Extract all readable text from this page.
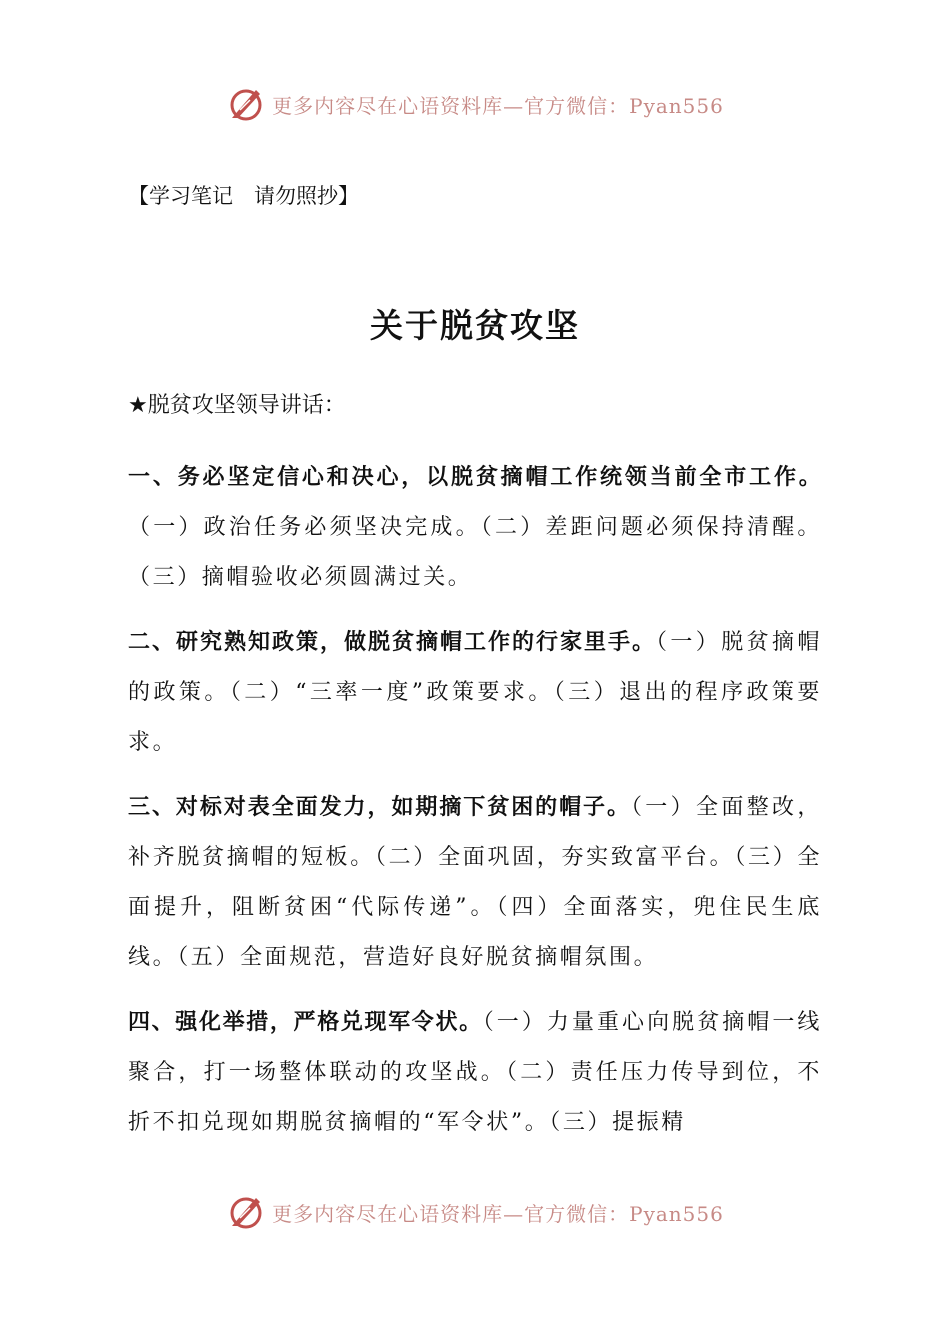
更多内容尽在心语资料库—官方微信：Pyan556
【学习笔记　请勿照抄】
关于脱贫攻坚
★脱贫攻坚领导讲话：
一、务必坚定信心和决心，以脱贫摘帽工作统领当前全市工作。（一）政治任务必须坚决完成。（二）差距问题必须保持清醒。（三）摘帽验收必须圆满过关。
二、研究熟知政策，做脱贫摘帽工作的行家里手。（一）脱贫摘帽的政策。（二）“三率一度”政策要求。（三）退出的程序政策要求。
三、对标对表全面发力，如期摘下贫困的帽子。（一）全面整改，补齐脱贫摘帽的短板。（二）全面巩固，夯实致富平台。（三）全面提升，阻断贫困“代际传递”。（四）全面落实，兜住民生底线。（五）全面规范，营造好良好脱贫摘帽氛围。
四、强化举措，严格兑现军令状。（一）力量重心向脱贫摘帽一线聚合，打一场整体联动的攻坚战。（二）责任压力传导到位，不折不扣兑现如期脱贫摘帽的“军令状”。（三）提振精
更多内容尽在心语资料库—官方微信：Pyan556
